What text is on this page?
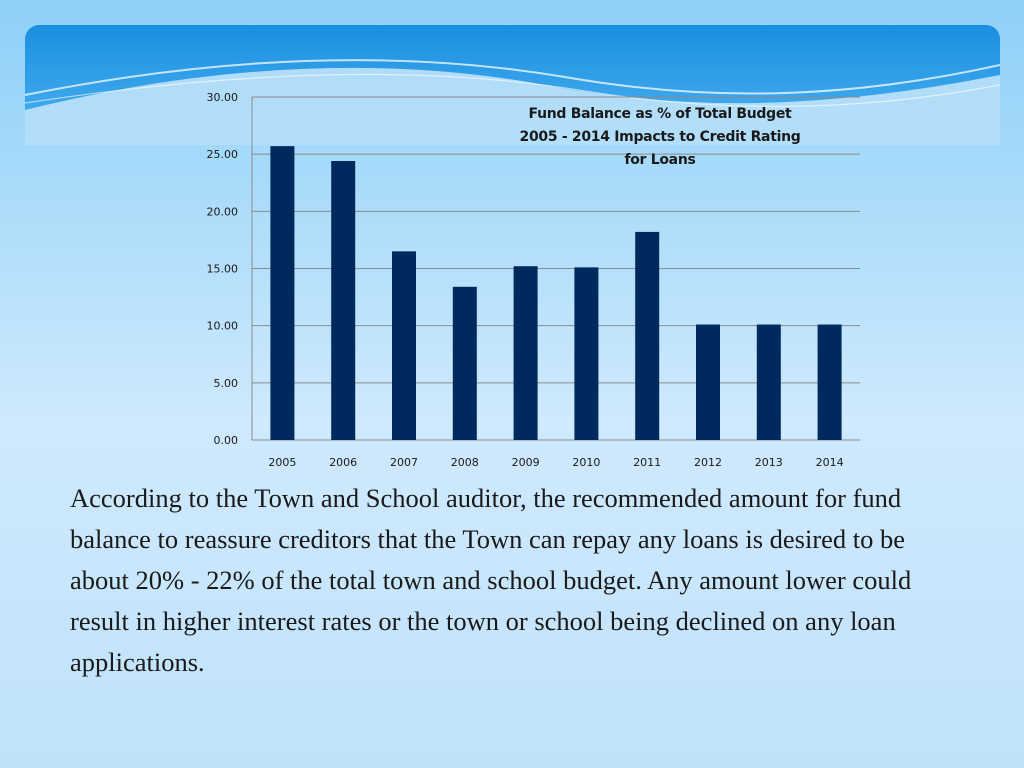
0.00
5.00
10.00
15.00
20.00
25.00
30.00
2005	2006	2007	2008	2009	2010	2011	2012	2013	2014
Fund Balance as % of Total Budget
2005 - 2014 Impacts to Credit Rating
for Loans

According to the Town and School auditor, the recommended amount for fund balance to reassure creditors that the Town can repay any loans is desired to be about 20% - 22% of the total town and school budget. Any amount lower could result in higher interest rates or the town or school being declined on any loan applications.
